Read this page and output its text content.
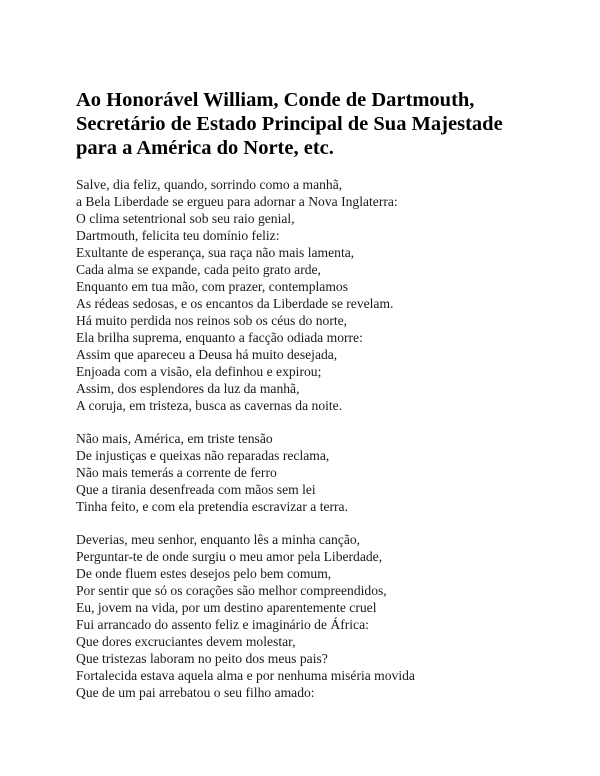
Ao Honorável William, Conde de Dartmouth,
Secretário de Estado Principal de Sua Majestade
para a América do Norte, etc.
Salve, dia feliz, quando, sorrindo como a manhã,
a Bela Liberdade se ergueu para adornar a Nova Inglaterra:
O clima setentrional sob seu raio genial,
Dartmouth, felicita teu domínio feliz:
Exultante de esperança, sua raça não mais lamenta,
Cada alma se expande, cada peito grato arde,
Enquanto em tua mão, com prazer, contemplamos
As rédeas sedosas, e os encantos da Liberdade se revelam.
Há muito perdida nos reinos sob os céus do norte,
Ela brilha suprema, enquanto a facção odiada morre:
Assim que apareceu a Deusa há muito desejada,
Enjoada com a visão, ela definhou e expirou;
Assim, dos esplendores da luz da manhã,
A coruja, em tristeza, busca as cavernas da noite.
Não mais, América, em triste tensão
De injustiças e queixas não reparadas reclama,
Não mais temerás a corrente de ferro
Que a tirania desenfreada com mãos sem lei
Tinha feito, e com ela pretendia escravizar a terra.
Deverias, meu senhor, enquanto lês a minha canção,
Perguntar-te de onde surgiu o meu amor pela Liberdade,
De onde fluem estes desejos pelo bem comum,
Por sentir que só os corações são melhor compreendidos,
Eu, jovem na vida, por um destino aparentemente cruel
Fui arrancado do assento feliz e imaginário de África:
Que dores excruciantes devem molestar,
Que tristezas laboram no peito dos meus pais?
Fortalecida estava aquela alma e por nenhuma miséria movida
Que de um pai arrebatou o seu filho amado:
